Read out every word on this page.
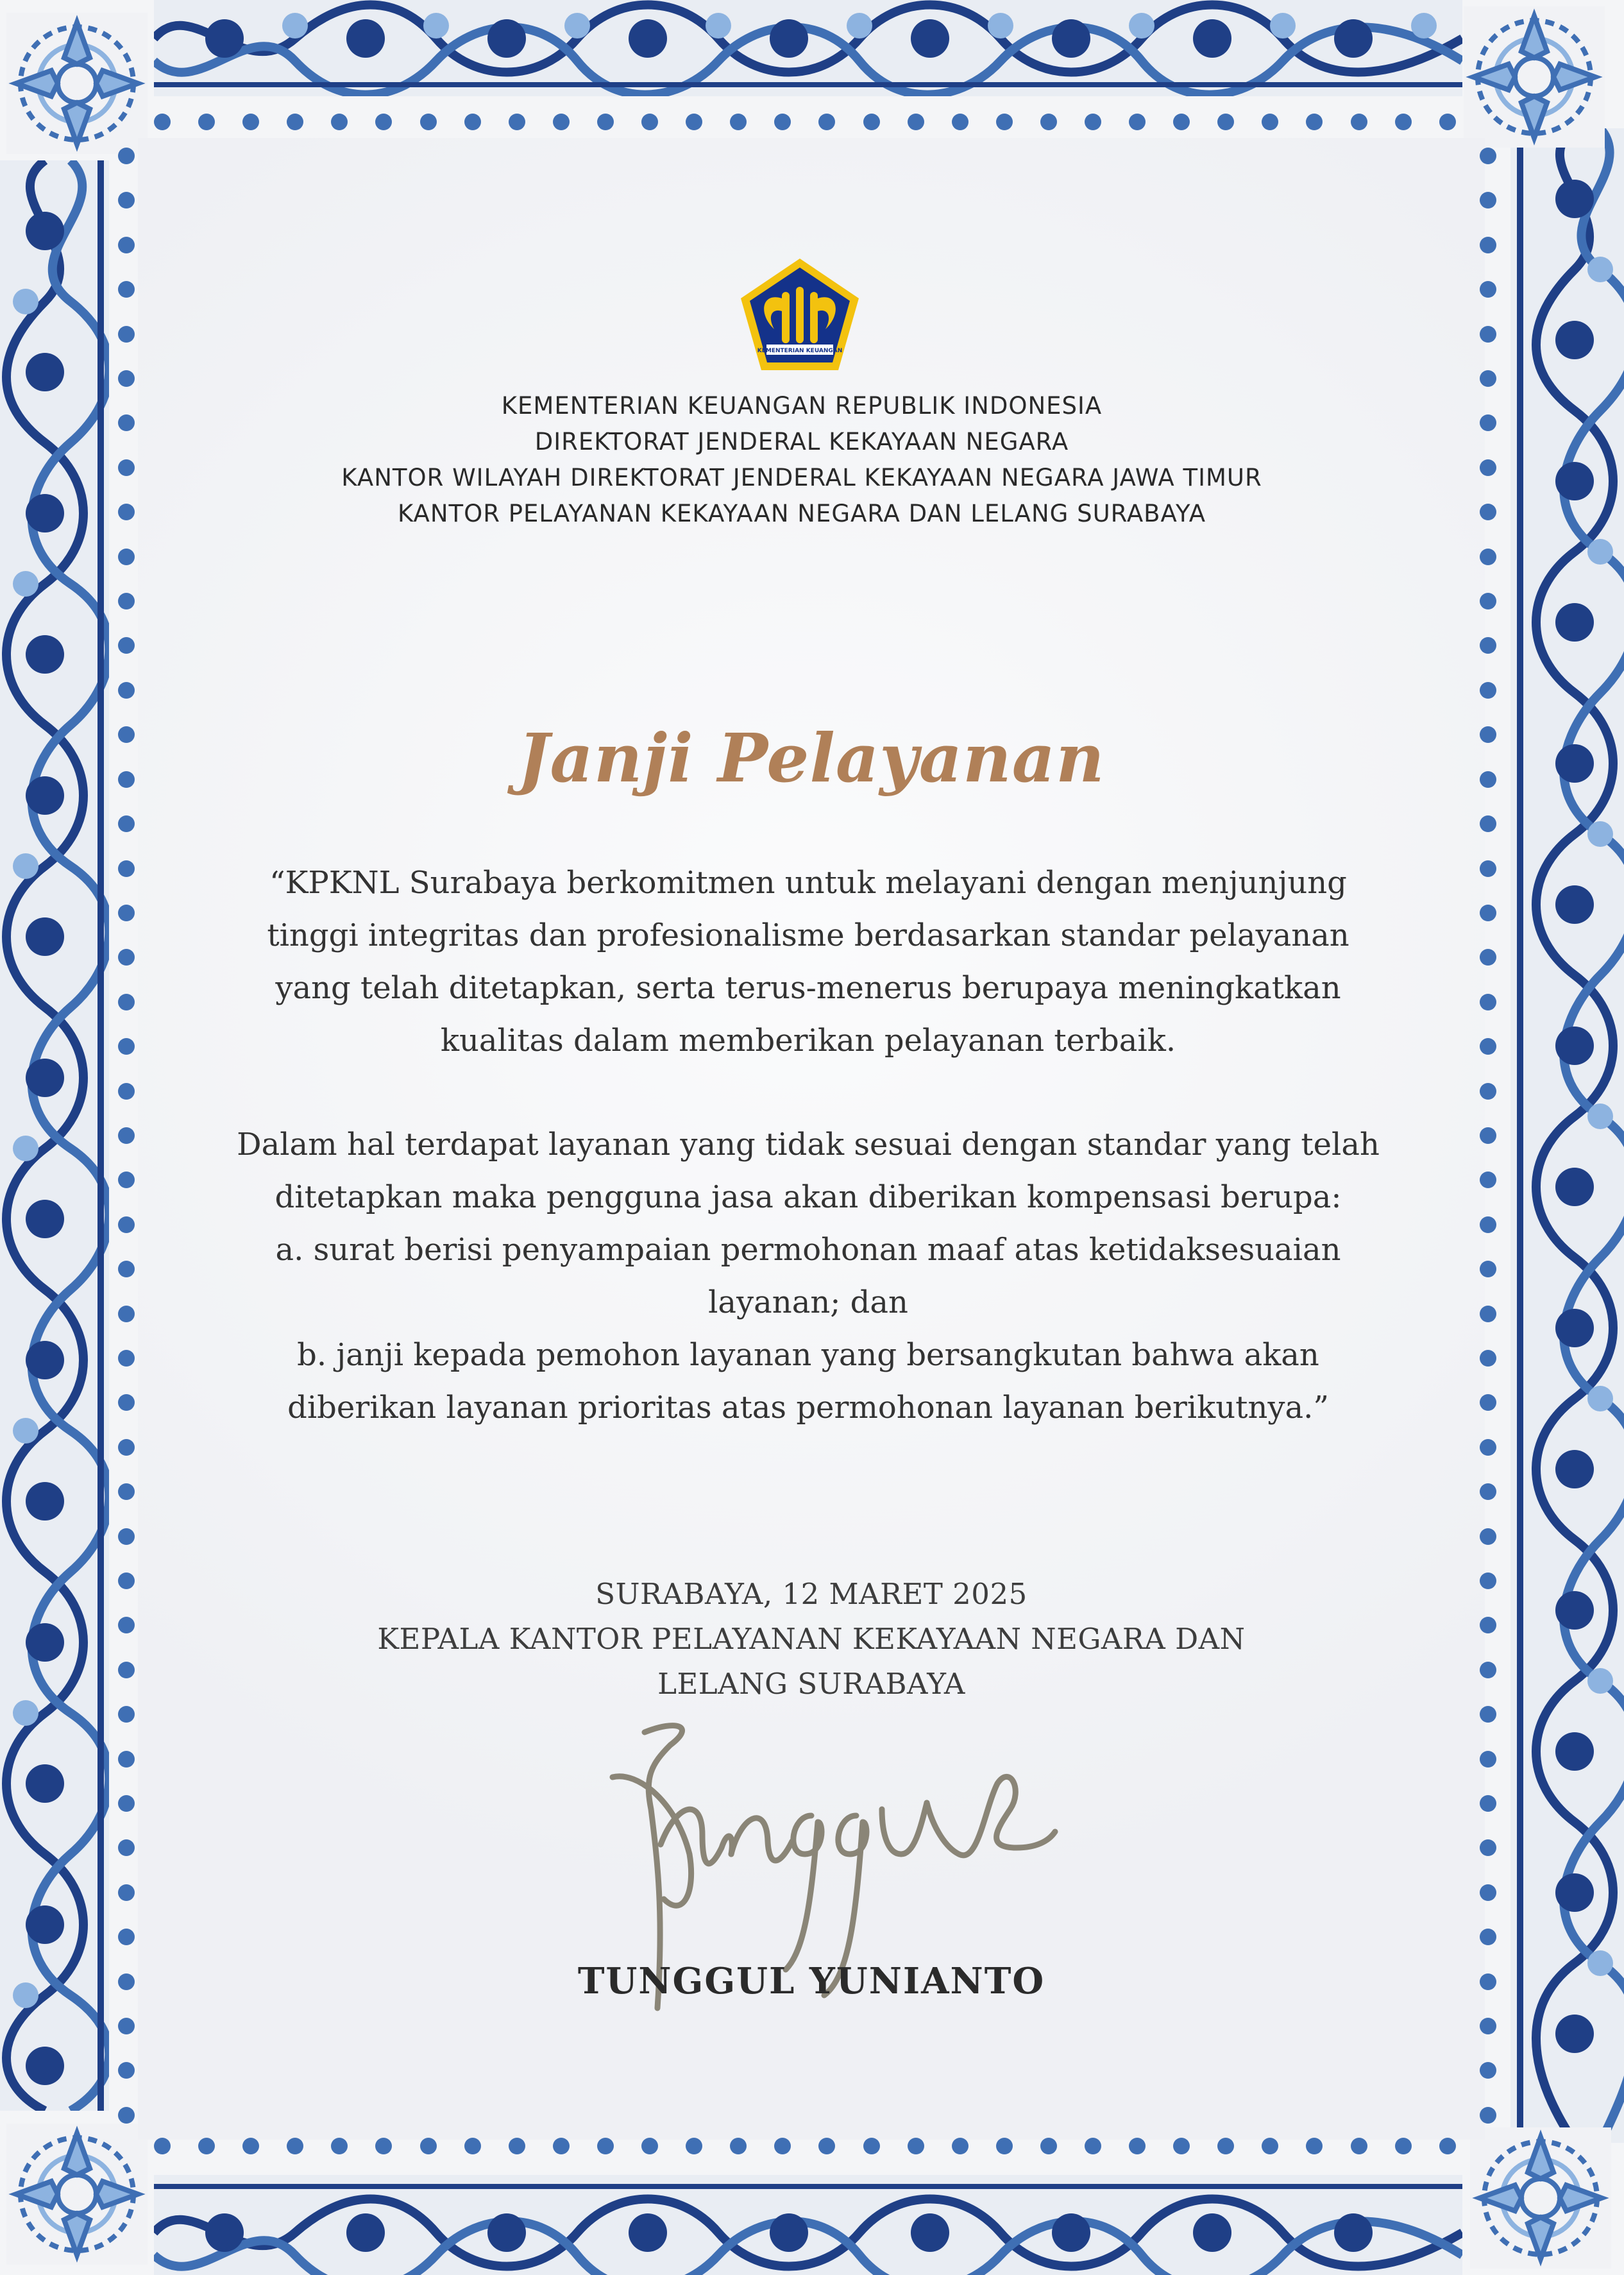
KEMENTERIAN KEUANGAN
KEMENTERIAN KEUANGAN REPUBLIK INDONESIA
DIREKTORAT JENDERAL KEKAYAAN NEGARA
KANTOR WILAYAH DIREKTORAT JENDERAL KEKAYAAN NEGARA JAWA TIMUR
KANTOR PELAYANAN KEKAYAAN NEGARA DAN LELANG SURABAYA
Janji Pelayanan
“KPKNL Surabaya berkomitmen untuk melayani dengan menjunjung
tinggi integritas dan profesionalisme berdasarkan standar pelayanan
yang telah ditetapkan, serta terus-menerus berupaya meningkatkan
kualitas dalam memberikan pelayanan terbaik.
Dalam hal terdapat layanan yang tidak sesuai dengan standar yang telah
ditetapkan maka pengguna jasa akan diberikan kompensasi berupa:
a. surat berisi penyampaian permohonan maaf atas ketidaksesuaian
layanan; dan
b. janji kepada pemohon layanan yang bersangkutan bahwa akan
diberikan layanan prioritas atas permohonan layanan berikutnya.”
SURABAYA, 12 MARET 2025
KEPALA KANTOR PELAYANAN KEKAYAAN NEGARA DAN
LELANG SURABAYA
TUNGGUL YUNIANTO
